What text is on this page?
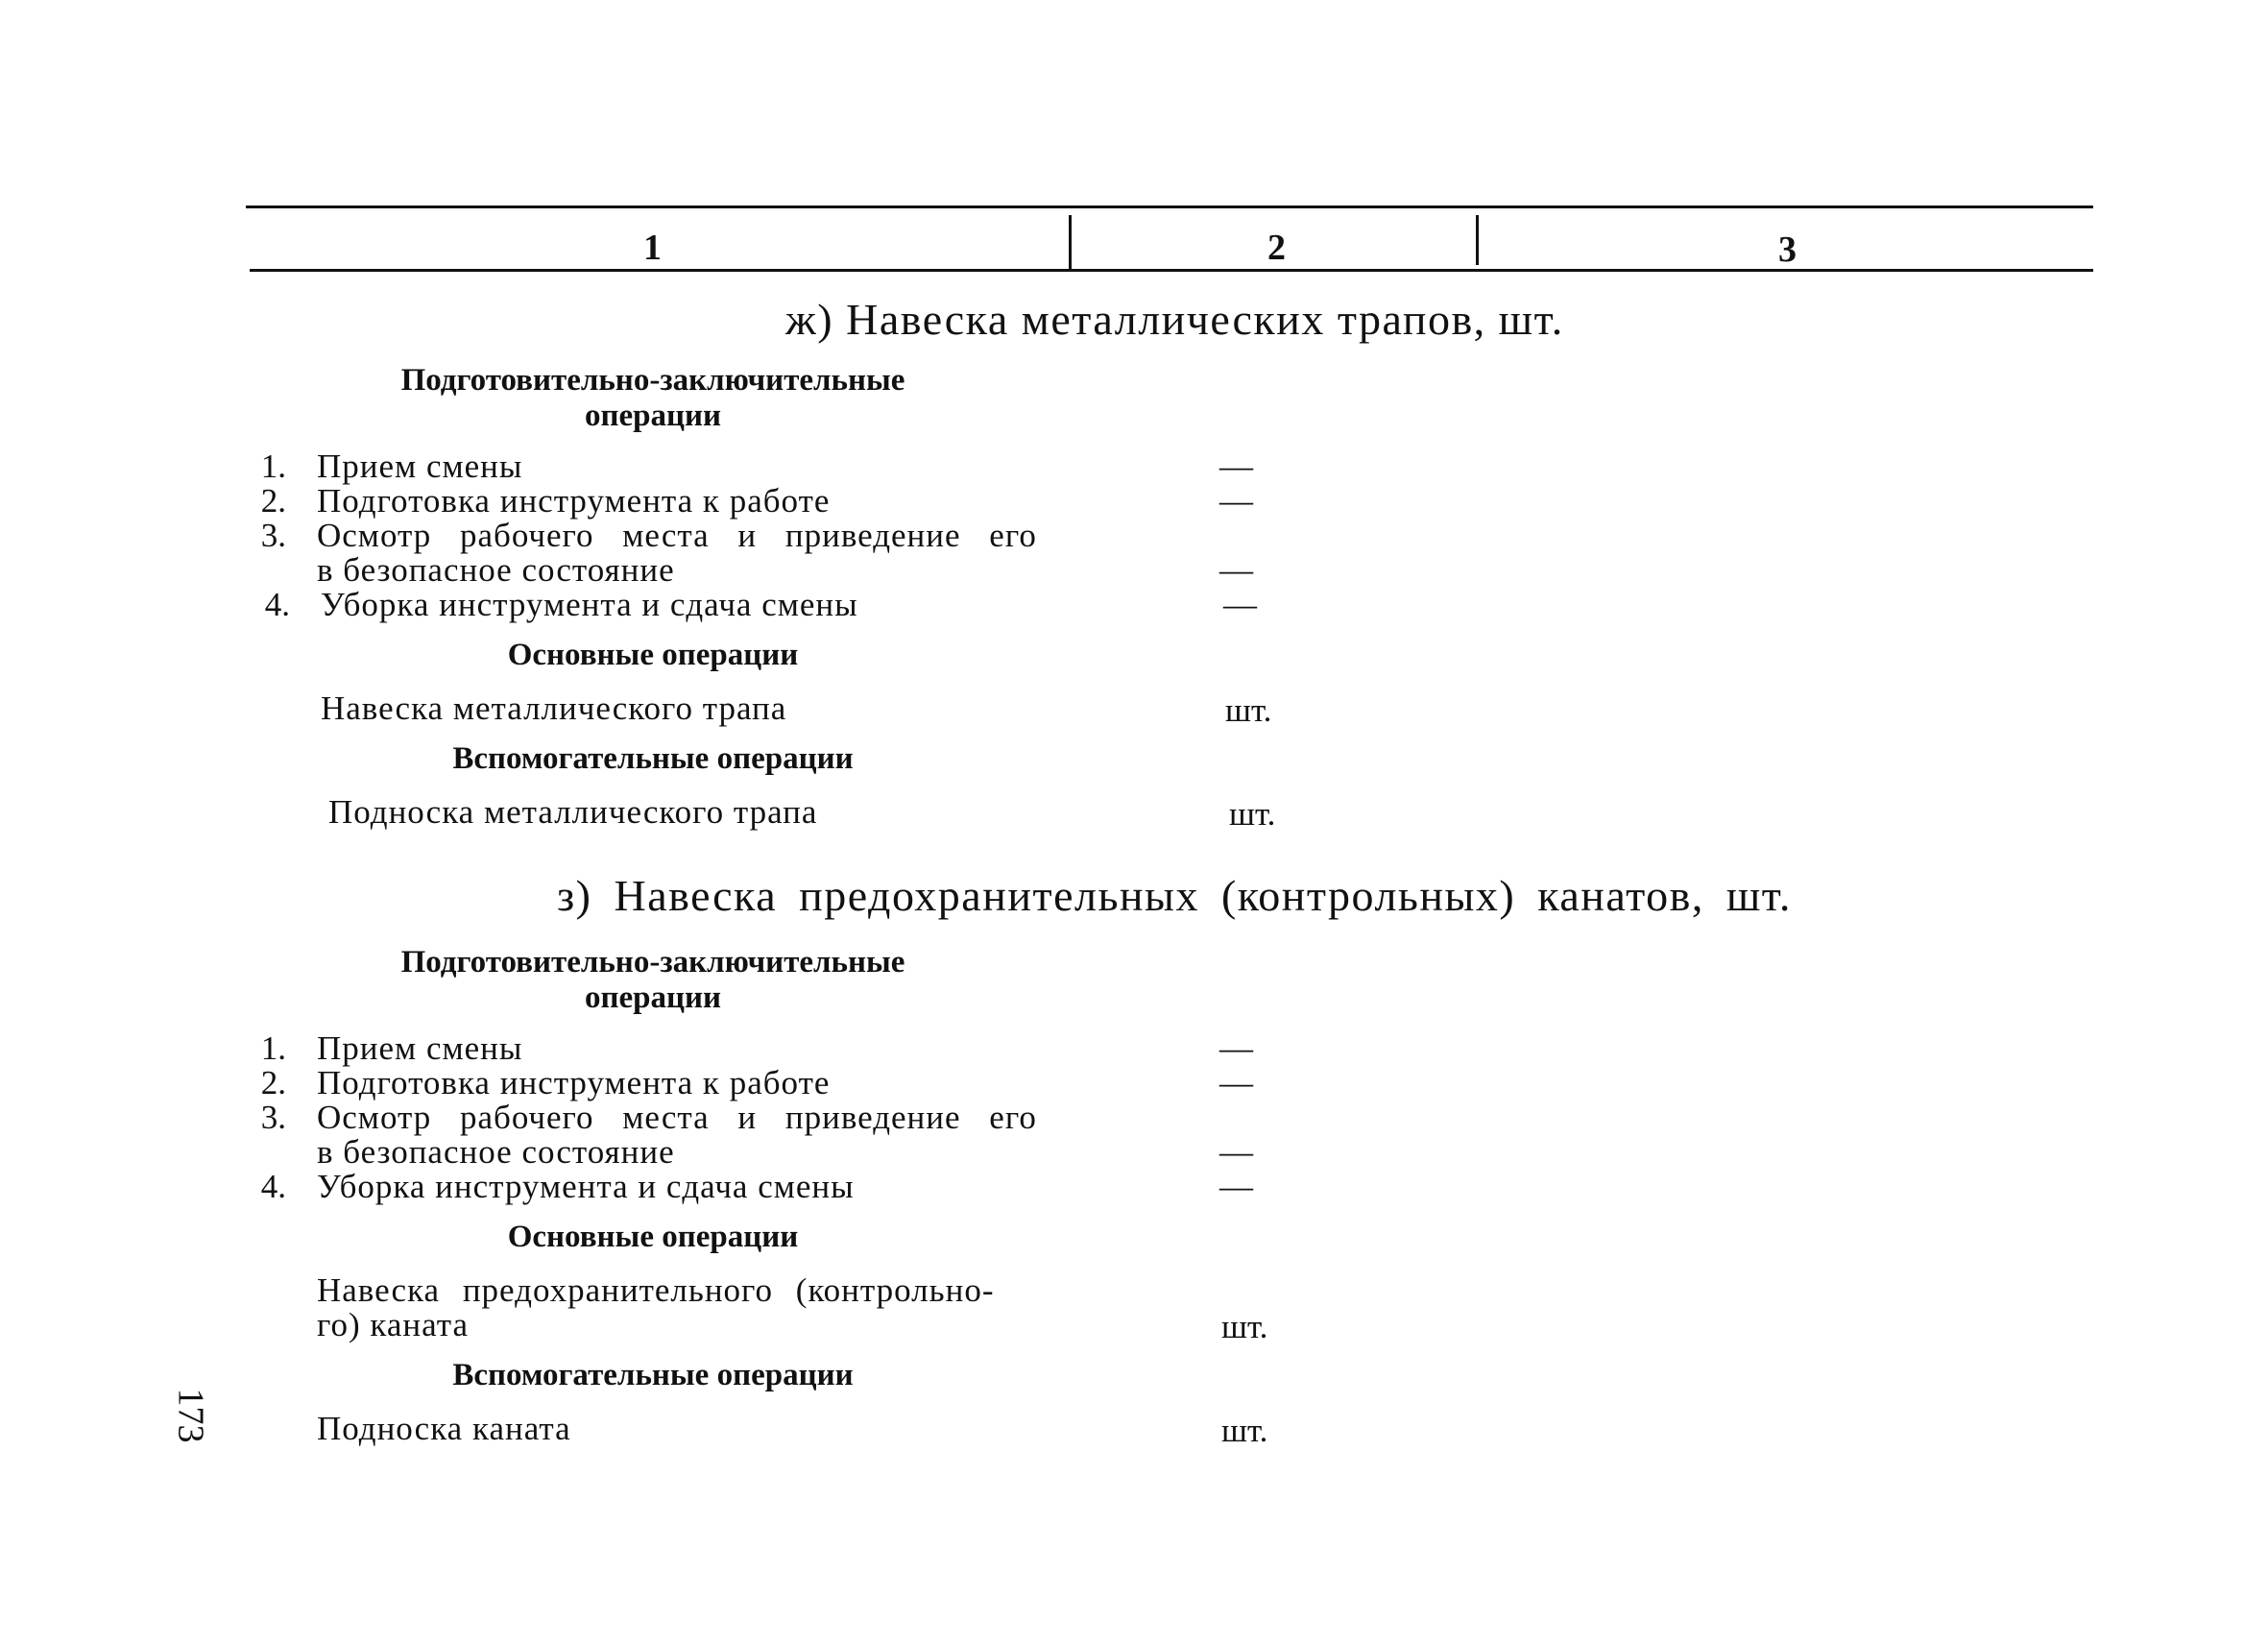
1	2	3
ж) Навеска металлических трапов, шт.
Подготовительно-заключительные
операции
1. Прием смены	—
2. Подготовка инструмента к работе	—
3. Осмотр рабочего места и приведение его
в безопасное состояние	—
4. Уборка инструмента и сдача смены	—
Основные операции
Навеска металлического трапа	шт.
Вспомогательные операции
Подноска металлического трапа	шт.
з) Навеска предохранительных (контрольных) канатов, шт.
Подготовительно-заключительные
операции
1. Прием смены	—
2. Подготовка инструмента к работе	—
3. Осмотр рабочего места и приведение его
в безопасное состояние	—
4. Уборка инструмента и сдача смены	—
Основные операции
Навеска предохранительного (контрольно-
го) каната	шт.
Вспомогательные операции
Подноска каната	шт.
173
